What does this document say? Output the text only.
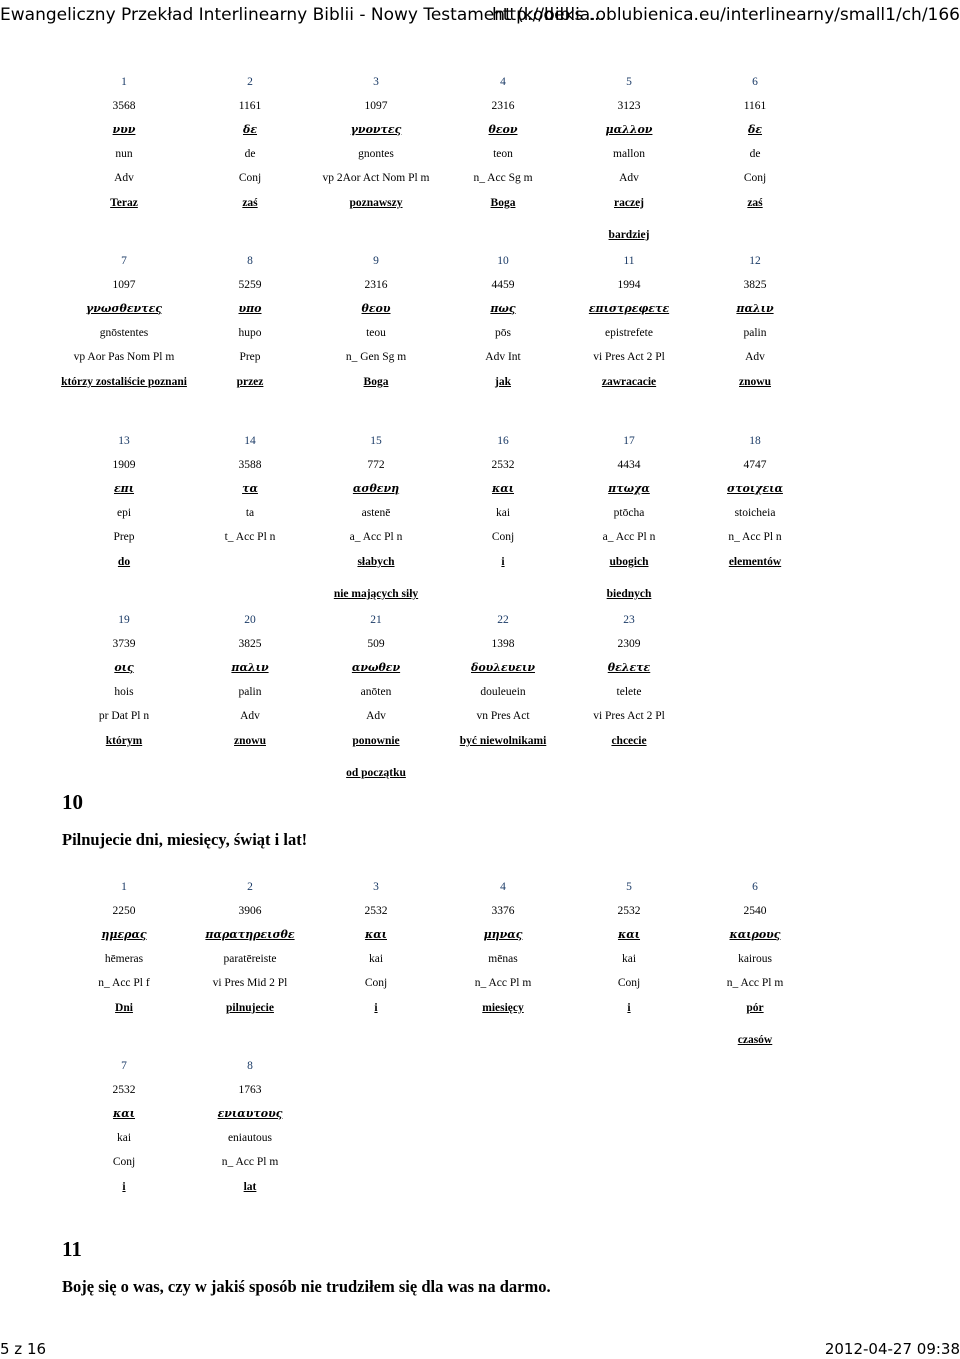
Ewangeliczny Przekład Interlinearny Biblii - Nowy Testament (kodeks ...
http://biblia.oblubienica.eu/interlinearny/small1/ch/166
1
3568
νυν
nun
Adv
Teraz
2
1161
δε
de
Conj
zaś
3
1097
γνοντες
gnontes
vp 2Aor Act Nom Pl m
poznawszy
4
2316
θεον
teon
n_ Acc Sg m
Boga
5
3123
μαλλον
mallon
Adv
raczej
bardziej
6
1161
δε
de
Conj
zaś
7
1097
γνωσθεντες
gnōstentes
vp Aor Pas Nom Pl m
którzy zostaliście poznani
8
5259
υπο
hupo
Prep
przez
9
2316
θεου
teou
n_ Gen Sg m
Boga
10
4459
πως
pōs
Adv Int
jak
11
1994
επιστρεφετε
epistrefete
vi Pres Act 2 Pl
zawracacie
12
3825
παλιν
palin
Adv
znowu
13
1909
επι
epi
Prep
do
14
3588
τα
ta
t_ Acc Pl n
15
772
ασθενη
astenē
a_ Acc Pl n
słabych
nie mających siły
16
2532
και
kai
Conj
i
17
4434
πτωχα
ptōcha
a_ Acc Pl n
ubogich
biednych
18
4747
στοιχεια
stoicheia
n_ Acc Pl n
elementów
19
3739
οις
hois
pr Dat Pl n
którym
20
3825
παλιν
palin
Adv
znowu
21
509
ανωθεν
anōten
Adv
ponownie
od początku
22
1398
δουλευειν
douleuein
vn Pres Act
być niewolnikami
23
2309
θελετε
telete
vi Pres Act 2 Pl
chcecie
1
2250
ημερας
hēmeras
n_ Acc Pl f
Dni
2
3906
παρατηρεισθε
paratēreiste
vi Pres Mid 2 Pl
pilnujecie
3
2532
και
kai
Conj
i
4
3376
μηνας
mēnas
n_ Acc Pl m
miesięcy
5
2532
και
kai
Conj
i
6
2540
καιρους
kairous
n_ Acc Pl m
pór
czasów
7
2532
και
kai
Conj
i
8
1763
ενιαυτους
eniautous
n_ Acc Pl m
lat
10
Pilnujecie dni, miesięcy, świąt i lat!
11
Boję się o was, czy w jakiś sposób nie trudziłem się dla was na darmo.
5 z 16	2012-04-27 09:38
